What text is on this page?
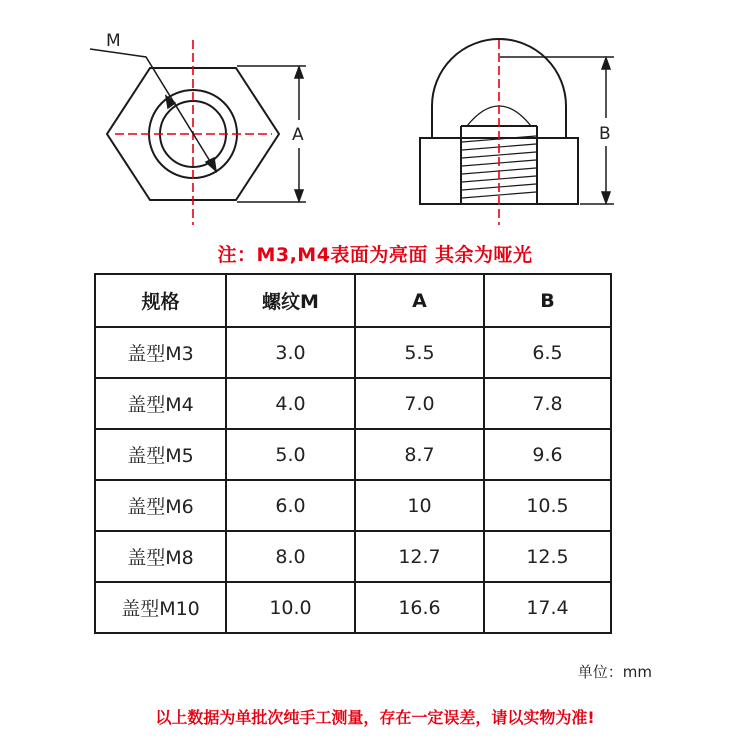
M
A	B
注：M3,M4表面为亮面 其余为哑光
规格	螺纹M	A	B
盖型M3	3.0	5.5	6.5
盖型M4	4.0	7.0	7.8
盖型M5	5.0	8.7	9.6
盖型M6	6.0	10	10.5
盖型M8	8.0	12.7	12.5
盖型M10	10.0	16.6	17.4
单位：mm
以上数据为单批次纯手工测量，存在一定误差，请以实物为准!
